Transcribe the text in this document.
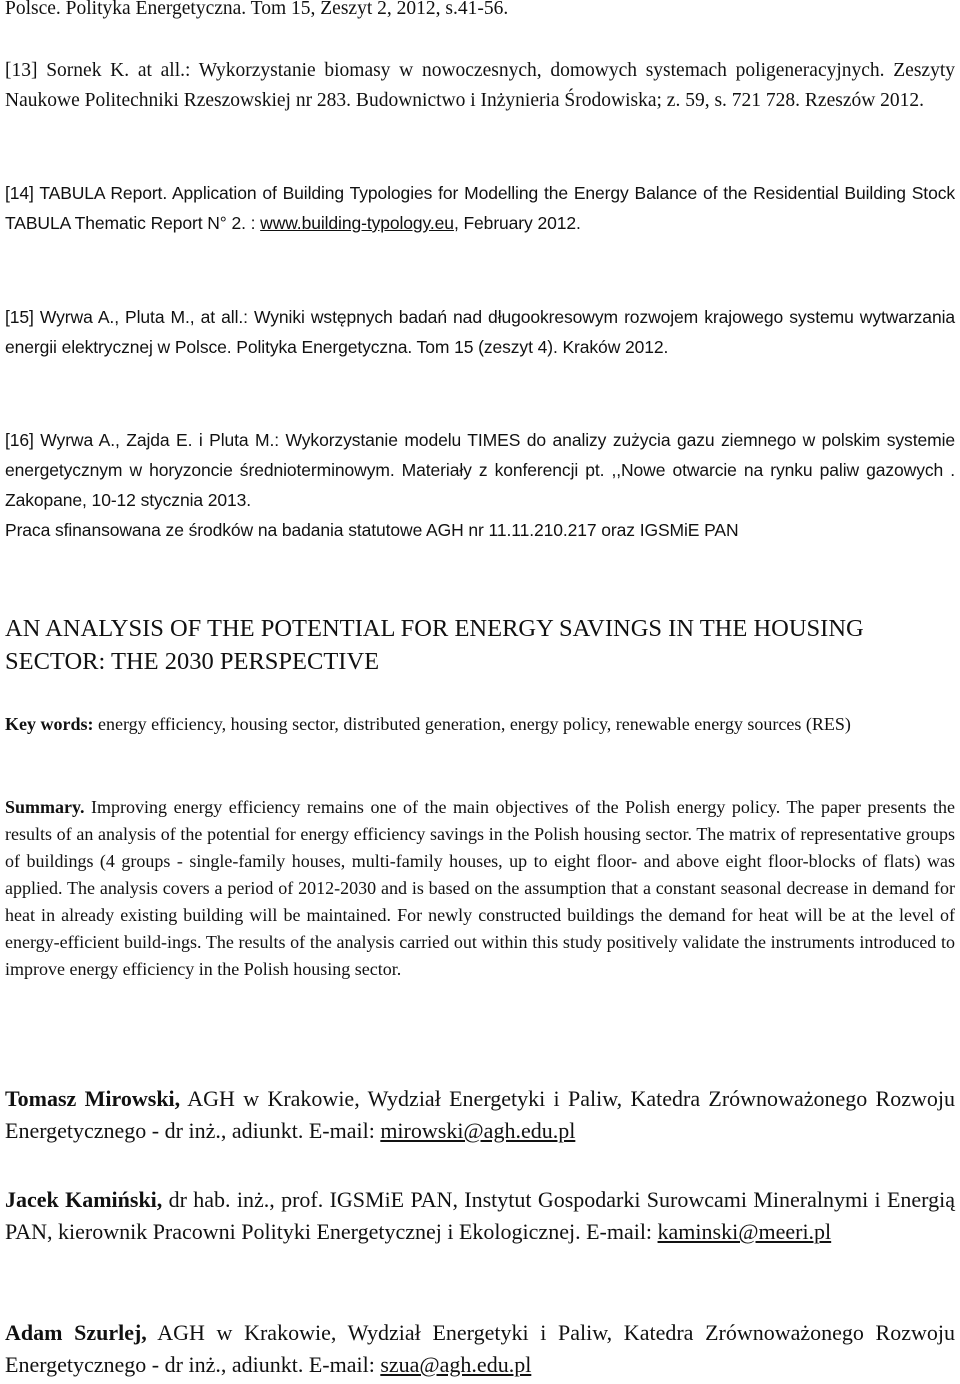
Polsce. Polityka Energetyczna. Tom 15, Zeszyt 2, 2012, s.41-56.

[13] Sornek K. at all.: Wykorzystanie biomasy w nowoczesnych, domowych systemach poligeneracyjnych. Zeszyty Naukowe Politechniki Rzeszowskiej nr 283. Budownictwo i Inżynieria Środowiska; z. 59, s. 721 728. Rzeszów 2012.

[14] TABULA Report. Application of Building Typologies for Modelling the Energy Balance of the Residential Building Stock TABULA Thematic Report N° 2. : www.building-typology.eu, February 2012.

[15] Wyrwa A., Pluta M., at all.: Wyniki wstępnych badań nad długookresowym rozwojem krajowego systemu wytwarzania energii elektrycznej w Polsce. Polityka Energetyczna. Tom 15 (zeszyt 4). Kraków 2012.

[16] Wyrwa A., Zajda E. i Pluta M.: Wykorzystanie modelu TIMES do analizy zużycia gazu ziemnego w polskim systemie energetycznym w horyzoncie średnioterminowym. Materiały z konferencji pt. ,,Nowe otwarcie na rynku paliw gazowych . Zakopane, 10-12 stycznia 2013.

Praca sfinansowana ze środków na badania statutowe AGH nr 11.11.210.217 oraz IGSMiE PAN

AN ANALYSIS OF THE POTENTIAL FOR ENERGY SAVINGS IN THE HOUSING SECTOR: THE 2030 PERSPECTIVE

Key words: energy efficiency, housing sector, distributed generation, energy policy, renewable energy sources (RES)

Summary. Improving energy efficiency remains one of the main objectives of the Polish energy policy. The paper presents the results of an analysis of the potential for energy efficiency savings in the Polish housing sector. The matrix of representative groups of buildings (4 groups - single-family houses, multi-family houses, up to eight floor- and above eight floor-blocks of flats) was applied. The analysis covers a period of 2012-2030 and is based on the assumption that a constant seasonal decrease in demand for heat in already existing building will be maintained. For newly constructed buildings the demand for heat will be at the level of energy-efficient build-ings. The results of the analysis carried out within this study positively validate the instruments introduced to improve energy efficiency in the Polish housing sector.

Tomasz Mirowski, AGH w Krakowie, Wydział Energetyki i Paliw, Katedra Zrównoważonego Rozwoju Energetycznego - dr inż., adiunkt. E-mail: mirowski@agh.edu.pl

Jacek Kamiński, dr hab. inż., prof. IGSMiE PAN, Instytut Gospodarki Surowcami Mineralnymi i Energią PAN, kierownik Pracowni Polityki Energetycznej i Ekologicznej. E-mail: kaminski@meeri.pl

Adam Szurlej, AGH w Krakowie, Wydział Energetyki i Paliw, Katedra Zrównoważonego Rozwoju Energetycznego - dr inż., adiunkt. E-mail: szua@agh.edu.pl
